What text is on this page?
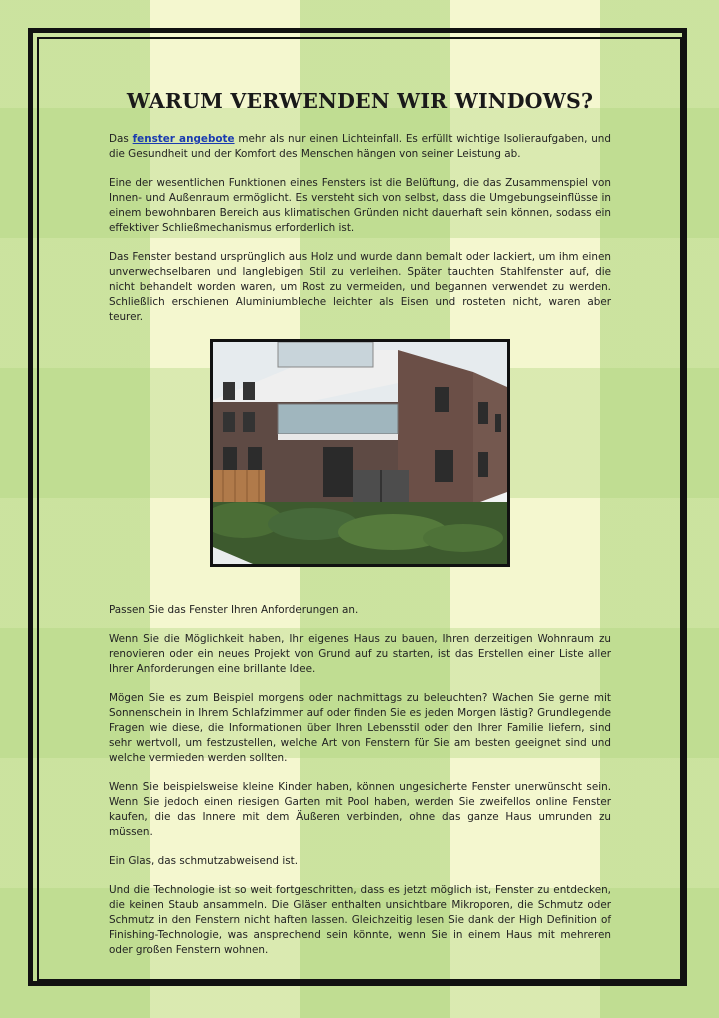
WARUM VERWENDEN WIR WINDOWS?

Das fenster angebote mehr als nur einen Lichteinfall. Es erfüllt wichtige Isolieraufgaben, und die Gesundheit und der Komfort des Menschen hängen von seiner Leistung ab.

Eine der wesentlichen Funktionen eines Fensters ist die Belüftung, die das Zusammenspiel von Innen- und Außenraum ermöglicht. Es versteht sich von selbst, dass die Umgebungseinflüsse in einem bewohnbaren Bereich aus klimatischen Gründen nicht dauerhaft sein können, sodass ein effektiver Schließmechanismus erforderlich ist.

Das Fenster bestand ursprünglich aus Holz und wurde dann bemalt oder lackiert, um ihm einen unverwechselbaren und langlebigen Stil zu verleihen. Später tauchten Stahlfenster auf, die nicht behandelt worden waren, um Rost zu vermeiden, und begannen verwendet zu werden. Schließlich erschienen Aluminiumbleche leichter als Eisen und rosteten nicht, waren aber teurer.

Passen Sie das Fenster Ihren Anforderungen an.

Wenn Sie die Möglichkeit haben, Ihr eigenes Haus zu bauen, Ihren derzeitigen Wohnraum zu renovieren oder ein neues Projekt von Grund auf zu starten, ist das Erstellen einer Liste aller Ihrer Anforderungen eine brillante Idee.

Mögen Sie es zum Beispiel morgens oder nachmittags zu beleuchten? Wachen Sie gerne mit Sonnenschein in Ihrem Schlafzimmer auf oder finden Sie es jeden Morgen lästig? Grundlegende Fragen wie diese, die Informationen über Ihren Lebensstil oder den Ihrer Familie liefern, sind sehr wertvoll, um festzustellen, welche Art von Fenstern für Sie am besten geeignet sind und welche vermieden werden sollten.

Wenn Sie beispielsweise kleine Kinder haben, können ungesicherte Fenster unerwünscht sein. Wenn Sie jedoch einen riesigen Garten mit Pool haben, werden Sie zweifellos online Fenster kaufen, die das Innere mit dem Äußeren verbinden, ohne das ganze Haus umrunden zu müssen.

Ein Glas, das schmutzabweisend ist.

Und die Technologie ist so weit fortgeschritten, dass es jetzt möglich ist, Fenster zu entdecken, die keinen Staub ansammeln. Die Gläser enthalten unsichtbare Mikroporen, die Schmutz oder Schmutz in den Fenstern nicht haften lassen. Gleichzeitig lesen Sie dank der High Definition of Finishing-Technologie, was ansprechend sein könnte, wenn Sie in einem Haus mit mehreren oder großen Fenstern wohnen.
